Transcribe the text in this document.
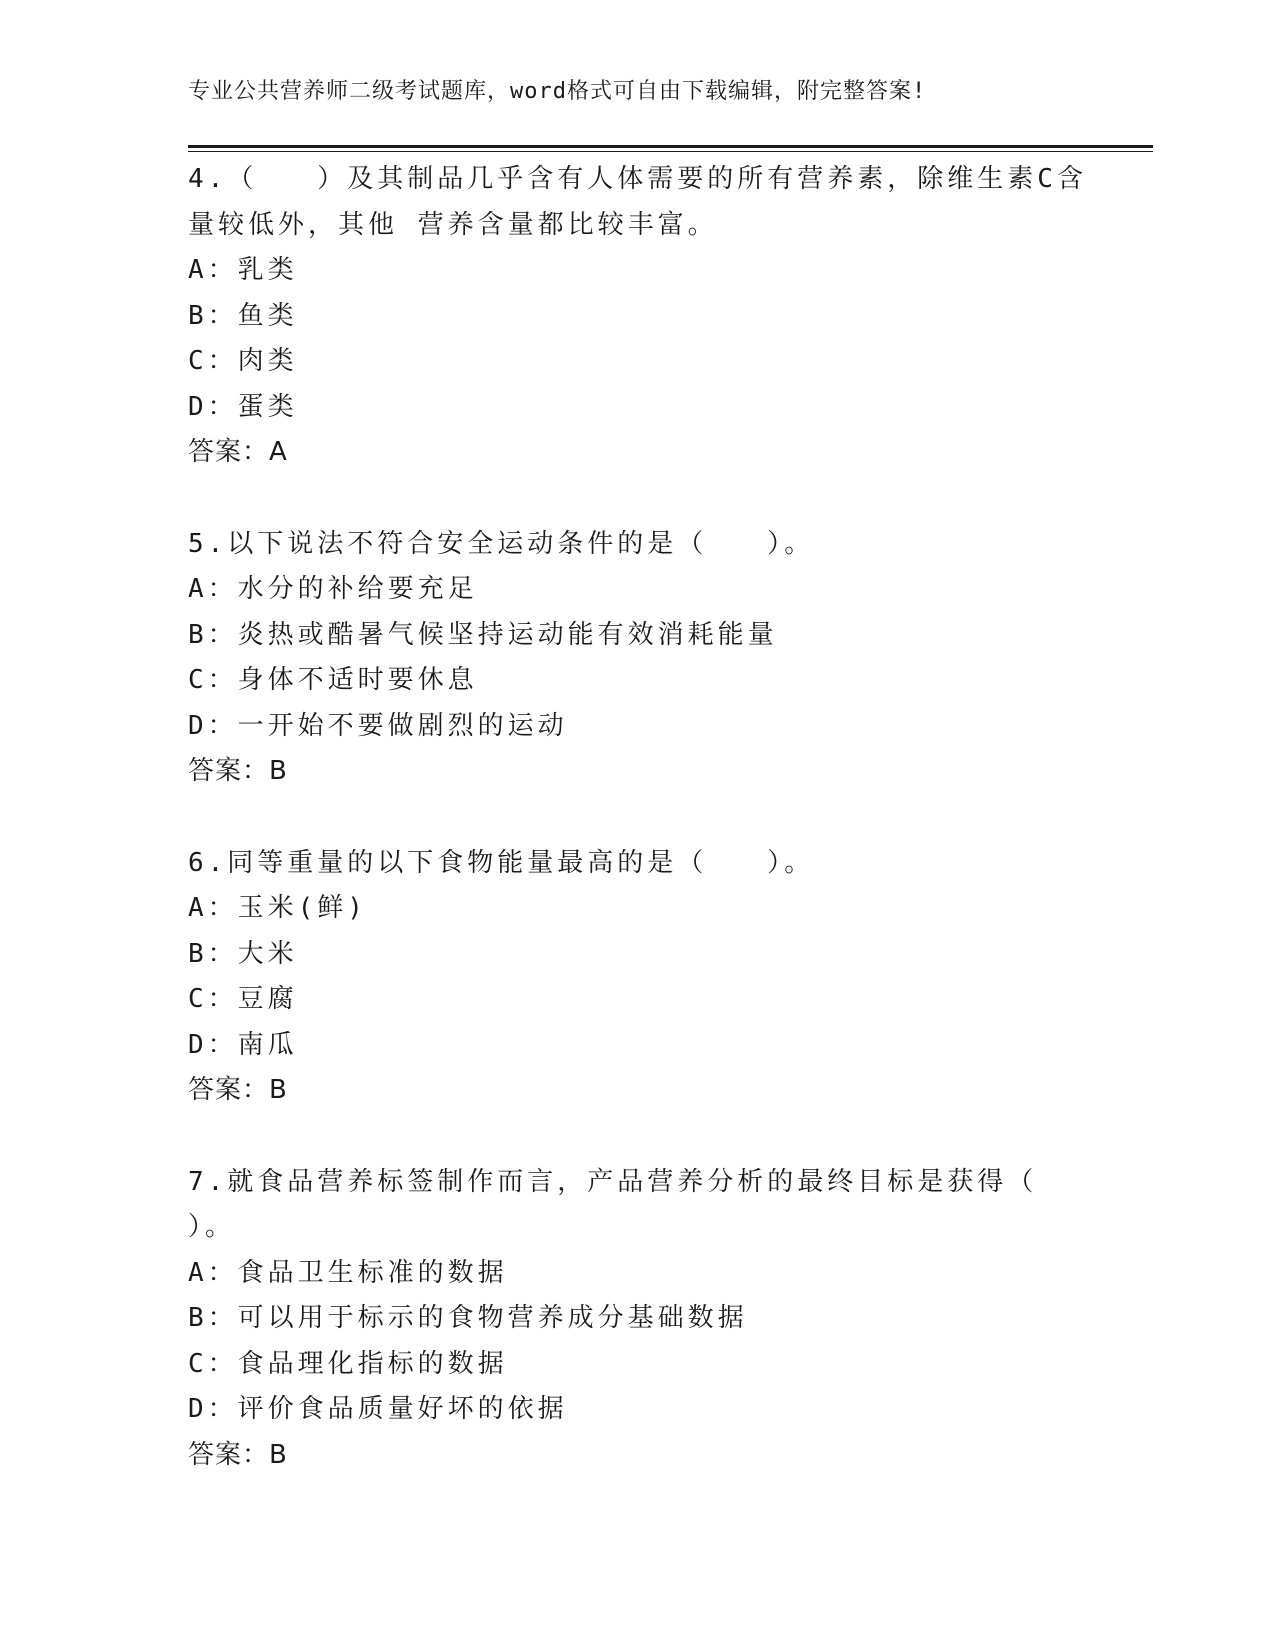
专业公共营养师二级考试题库，word格式可自由下载编辑，附完整答案!
4.（　　）及其制品几乎含有人体需要的所有营养素，除维生素C含
量较低外，其他 营养含量都比较丰富。
A：乳类
B：鱼类
C：肉类
D：蛋类
答案：A
5.以下说法不符合安全运动条件的是（　　）。
A：水分的补给要充足
B：炎热或酷暑气候坚持运动能有效消耗能量
C：身体不适时要休息
D：一开始不要做剧烈的运动
答案：B
6.同等重量的以下食物能量最高的是（　　）。
A：玉米(鲜)
B：大米
C：豆腐
D：南瓜
答案：B
7.就食品营养标签制作而言，产品营养分析的最终目标是获得（
）。
A：食品卫生标准的数据
B：可以用于标示的食物营养成分基础数据
C：食品理化指标的数据
D：评价食品质量好坏的依据
答案：B
